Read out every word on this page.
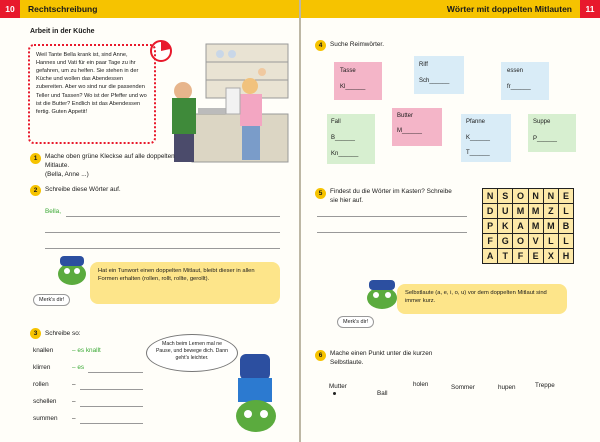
10	Rechtschreibung
Arbeit in der Küche
Weil Tante Bella krank ist, sind Anne, Hannes und Vati für ein paar Tage zu ihr gefahren, um zu helfen. Sie stehen in der Küche und wollen das Abendessen zubereiten. Aber wo sind nur die passenden Teller und Tassen? Wo ist der Pfeffer und wo ist die Butter? Endlich ist das Abendessen fertig. Guten Appetit!
1	Mache oben grüne Kleckse auf alle doppelten Mitlaute.
(Bella, Anne ...)
2	Schreibe diese Wörter auf.
Bella,
Merk's dir!
Hat ein Tunwort einen doppelten Mitlaut, bleibt dieser in allen Formen erhalten (rollen, rollt, rollte, gerollt).
3	Schreibe so:
knallen	– es knallt
klirren	– es
rollen	–
schellen –
summen –
Mach beim Lernen mal ne Pause, und bewege dich. Dann geht's leichter.
Wörter mit doppelten Mitlauten	11
4	Suche Reimwörter.
Tasse
Kl______
Riff
Sch______
essen
fr______
Fall
B______
Kn______
Butter
M______
Pfanne
K______
T______
Suppe
P______
5	Findest du die Wörter im Kasten? Schreibe sie hier auf.	N S O N N E
D U M M Z	L
P K A M M B
F G O V	L	L
A	T	F	E	X H
Merk's dir!
Selbstlaute (a, e, i, o, u) vor dem doppelten Mitlaut sind immer kurz.
6	Mache einen Punkt unter die kurzen Selbstlaute.
Mutter
Ball
holen	Sommer	hupen	Treppe
